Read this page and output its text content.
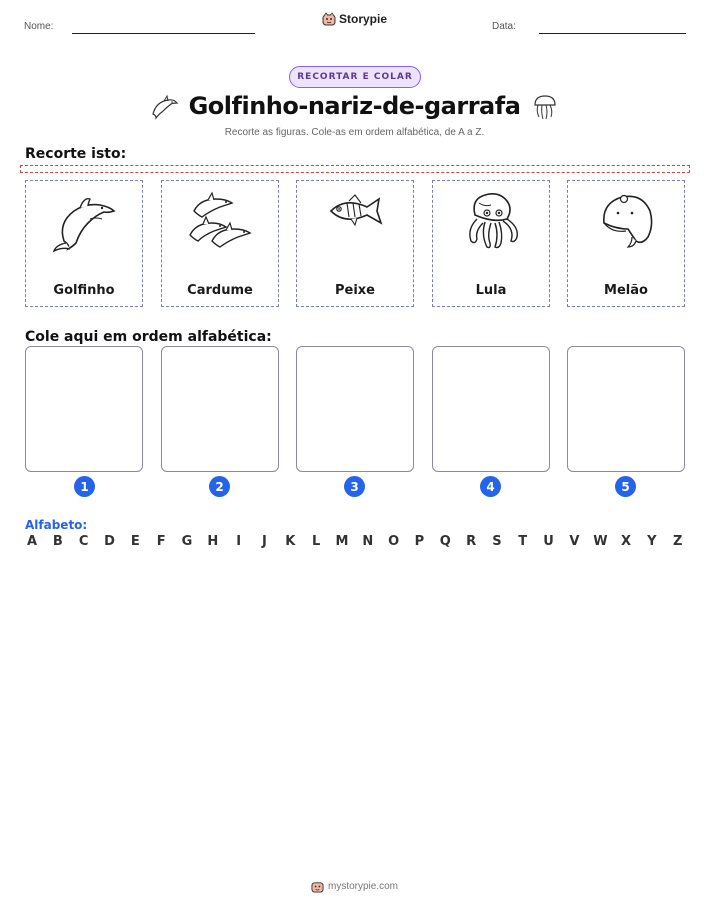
Nome:	Data:
Storypie
RECORTAR E COLAR
Golfinho-nariz-de-garrafa
Recorte as figuras. Cole-as em ordem alfabética, de A a Z.
Recorte isto:
Golfinho	Cardume	Peixe	Lula	Melão
Cole aqui em ordem alfabética:
1	2	3	4	5
Alfabeto:
A B C D E F G H	I	J	K L M N O P Q R S T U V W X Y Z
mystorypie.com
